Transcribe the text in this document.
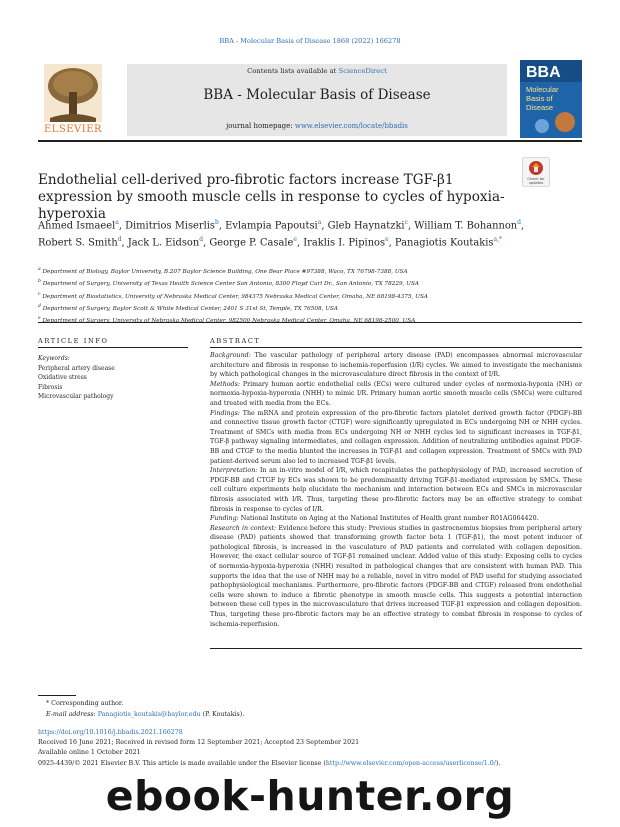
BBA - Molecular Basis of Disease 1868 (2022) 166278
Contents lists available at ScienceDirect
BBA - Molecular Basis of Disease
journal homepage: www.elsevier.com/locate/bbadis
ELSEVIER
BBA
Molecular
Basis of
Disease
Endothelial cell-derived pro-fibrotic factors increase TGF-β1 expression by smooth muscle cells in response to cycles of hypoxia-hyperoxia
Check for
updates
Ahmed Ismaeel$^a$, Dimitrios Miserlis$^b$, Evlampia Papoutsi$^a$, Gleb Haynatzki$^c$, William T. Bohannon$^d$, Robert S. Smith$^d$, Jack L. Eidson$^d$, George P. Casale$^e$, Iraklis I. Pipinos$^e$, Panagiotis Koutakis$^{a,*}$
$^a$ Department of Biology, Baylor University, B.207 Baylor Science Building, One Bear Place #97388, Waco, TX 76798-7388, USA
$^b$ Department of Surgery, University of Texas Health Science Center San Antonio, 8300 Floyd Curl Dr., San Antonio, TX 78229, USA
$^c$ Department of Biostatistics, University of Nebraska Medical Center, 984375 Nebraska Medical Center, Omaha, NE 68198-4375, USA
$^d$ Department of Surgery, Baylor Scott & White Medical Center, 2401 S 31st St, Temple, TX 76508, USA
$^e$ Department of Surgery, University of Nebraska Medical Center, 982500 Nebraska Medical Center, Omaha, NE 68198-2500, USA
ARTICLE INFO	ABSTRACT
Keywords:
Peripheral artery disease
Oxidative stress
Fibrosis
Microvascular pathology

Background: The vascular pathology of peripheral artery disease (PAD) encompasses abnormal microvascular architecture and fibrosis in response to ischemia-reperfusion (I/R) cycles. We aimed to investigate the mechanisms by which pathological changes in the microvasculature direct fibrosis in the context of I/R.

Methods: Primary human aortic endothelial cells (ECs) were cultured under cycles of normoxia-hypoxia (NH) or normoxia-hypoxia-hyperoxia (NHH) to mimic I/R. Primary human aortic smooth muscle cells (SMCs) were cultured and treated with media from the ECs.

Findings: The mRNA and protein expression of the pro-fibrotic factors platelet derived growth factor (PDGF)-BB and connective tissue growth factor (CTGF) were significantly upregulated in ECs undergoing NH or NHH cycles. Treatment of SMCs with media from ECs undergoing NH or NHH cycles led to significant increases in TGF-β1, TGF-β pathway signaling intermediates, and collagen expression. Addition of neutralizing antibodies against PDGF-BB and CTGF to the media blunted the increases in TGF-β1 and collagen expression. Treatment of SMCs with PAD patient-derived serum also led to increased TGF-β1 levels.

Interpretation: In an in-vitro model of I/R, which recapitulates the pathophysiology of PAD, increased secretion of PDGF-BB and CTGF by ECs was shown to be predominantly driving TGF-β1-mediated expression by SMCs. These cell culture experiments help elucidate the mechanism and interaction between ECs and SMCs in microvascular fibrosis associated with I/R. Thus, targeting these pro-fibrotic factors may be an effective strategy to combat fibrosis in response to cycles of I/R.

Funding: National Institute on Aging at the National Institutes of Health grant number R01AG064420.

Research in context: Evidence before this study: Previous studies in gastrocnemius biopsies from peripheral artery disease (PAD) patients showed that transforming growth factor beta 1 (TGF-β1), the most potent inducer of pathological fibrosis, is increased in the vasculature of PAD patients and correlated with collagen deposition. However, the exact cellular source of TGF-β1 remained unclear. Added value of this study: Exposing cells to cycles of normoxia-hypoxia-hyperoxia (NHH) resulted in pathological changes that are consistent with human PAD. This supports the idea that the use of NHH may be a reliable, novel in vitro model of PAD useful for studying associated pathophysiological mechanisms. Furthermore, pro-fibrotic factors (PDGF-BB and CTGF) released from endothelial cells were shown to induce a fibrotic phenotype in smooth muscle cells. This suggests a potential interaction between these cell types in the microvasculature that drives increased TGF-β1 expression and collagen deposition. Thus, targeting these pro-fibrotic factors may be an effective strategy to combat fibrosis in response to cycles of ischemia-reperfusion.

* Corresponding author.
E-mail address: Panagiotis_koutakis@baylor.edu (P. Koutakis).
https://doi.org/10.1016/j.bbadis.2021.166278
Received 16 June 2021; Received in revised form 12 September 2021; Accepted 23 September 2021
Available online 1 October 2021
0925-4439/© 2021 Elsevier B.V. This article is made available under the Elsevier license (http://www.elsevier.com/open-access/userlicense/1.0/).
ebook-hunter.org
